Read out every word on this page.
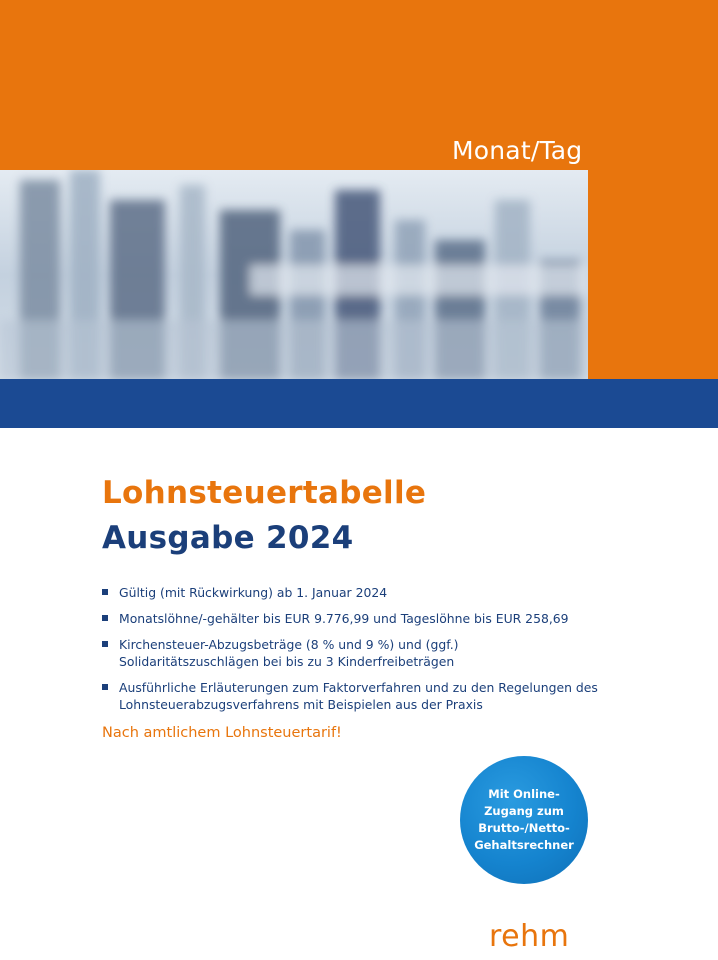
Monat/Tag
Lohnsteuertabelle
Ausgabe 2024
Gültig (mit Rückwirkung) ab 1. Januar 2024
Monatslöhne/-gehälter bis EUR 9.776,99 und Tageslöhne bis EUR 258,69
Kirchensteuer-Abzugsbeträge (8 % und 9 %) und (ggf.) Solidaritätszuschlägen bei bis zu 3 Kinderfreibeträgen
Ausführliche Erläuterungen zum Faktorverfahren und zu den Regelungen des Lohnsteuerabzugsverfahrens mit Beispielen aus der Praxis
Nach amtlichem Lohnsteuertarif!
Mit Online-
Zugang zum
Brutto-/Netto-
Gehaltsrechner
rehm
